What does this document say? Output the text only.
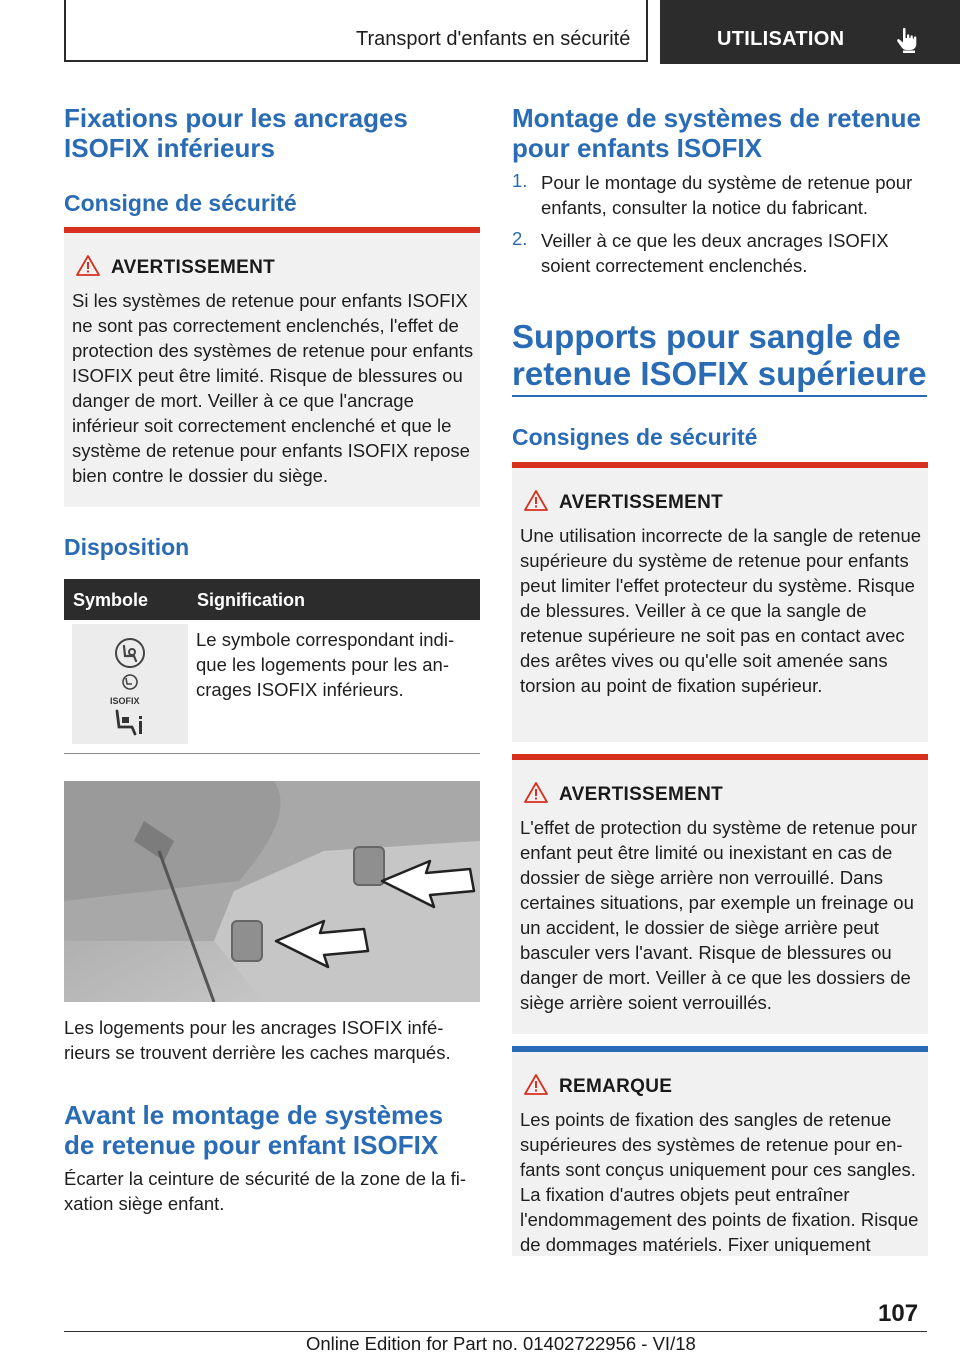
Transport d'enfants en sécurité	UTILISATION
Fixations pour les ancrages ISOFIX inférieurs
Consigne de sécurité
AVERTISSEMENT
Si les systèmes de retenue pour enfants ISOFIX ne sont pas correctement enclenchés, l'effet de protection des systèmes de retenue pour enfants ISOFIX peut être limité. Risque de blessures ou danger de mort. Veiller à ce que l'ancrage inférieur soit correctement enclenché et que le système de retenue pour enfants ISOFIX repose bien contre le dossier du siège.
Disposition
Symbole	Signification
ISOFIX
Le symbole correspondant indique les logements pour les ancrages ISOFIX inférieurs.
Les logements pour les ancrages ISOFIX inférieurs se trouvent derrière les caches marqués.
Avant le montage de systèmes de retenue pour enfant ISOFIX
Écarter la ceinture de sécurité de la zone de la fixation siège enfant.
Montage de systèmes de retenue pour enfants ISOFIX
1. Pour le montage du système de retenue pour enfants, consulter la notice du fabricant.
2. Veiller à ce que les deux ancrages ISOFIX soient correctement enclenchés.
Supports pour sangle de retenue ISOFIX supérieure
Consignes de sécurité
AVERTISSEMENT
Une utilisation incorrecte de la sangle de retenue supérieure du système de retenue pour enfants peut limiter l'effet protecteur du système. Risque de blessures. Veiller à ce que la sangle de retenue supérieure ne soit pas en contact avec des arêtes vives ou qu'elle soit amenée sans torsion au point de fixation supérieur.
AVERTISSEMENT
L'effet de protection du système de retenue pour enfant peut être limité ou inexistant en cas de dossier de siège arrière non verrouillé. Dans certaines situations, par exemple un freinage ou un accident, le dossier de siège arrière peut basculer vers l'avant. Risque de blessures ou danger de mort. Veiller à ce que les dossiers de siège arrière soient verrouillés.
REMARQUE
Les points de fixation des sangles de retenue supérieures des systèmes de retenue pour enfants sont conçus uniquement pour ces sangles. La fixation d'autres objets peut entraîner l'endommagement des points de fixation. Risque de dommages matériels. Fixer uniquement
107
Online Edition for Part no. 01402722956 - VI/18
